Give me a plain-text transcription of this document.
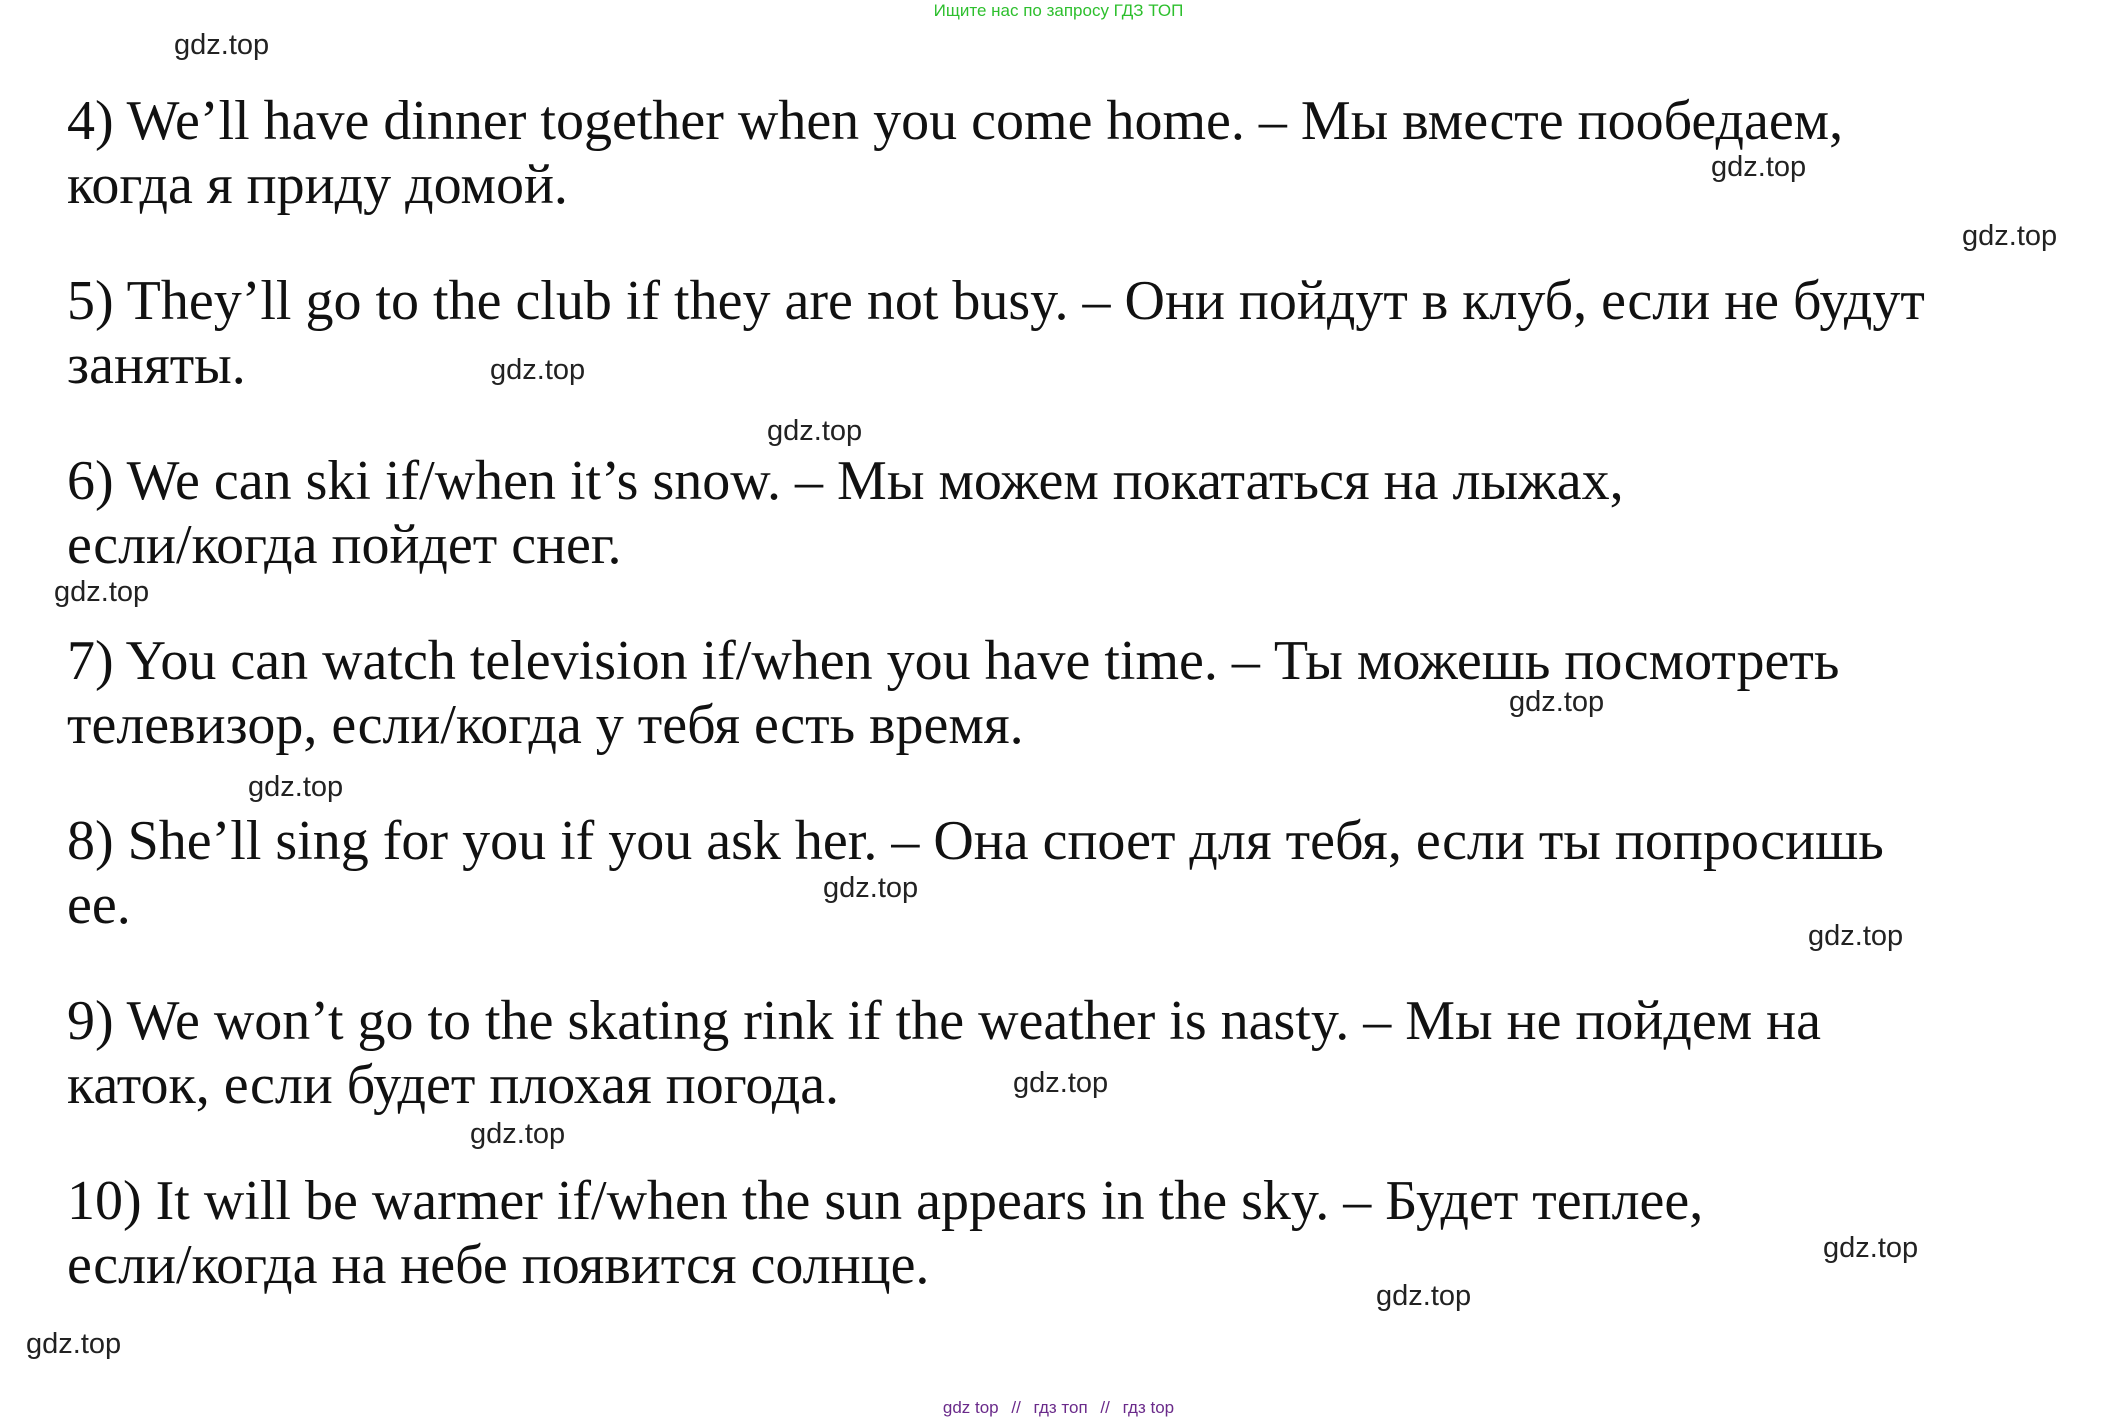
Ищите нас по запросу ГДЗ ТОП
4) We’ll have dinner together when you come home. – Мы вместе пообедаем,
когда я приду домой.
5) They’ll go to the club if they are not busy. – Они пойдут в клуб, если не будут
заняты.
6) We can ski if/when it’s snow. – Мы можем покататься на лыжах,
если/когда пойдет снег.
7) You can watch television if/when you have time. – Ты можешь посмотреть
телевизор, если/когда у тебя есть время.
8) She’ll sing for you if you ask her. – Она споет для тебя, если ты попросишь
ее.
9) We won’t go to the skating rink if the weather is nasty. – Мы не пойдем на
каток, если будет плохая погода.
10) It will be warmer if/when the sun appears in the sky. – Будет теплее,
если/когда на небе появится солнце.
gdz.top
gdz.top
gdz.top
gdz.top
gdz.top
gdz.top
gdz.top
gdz.top
gdz.top
gdz.top
gdz.top
gdz.top
gdz.top
gdz.top
gdz.top
gdz top // гдз топ // гдз top
